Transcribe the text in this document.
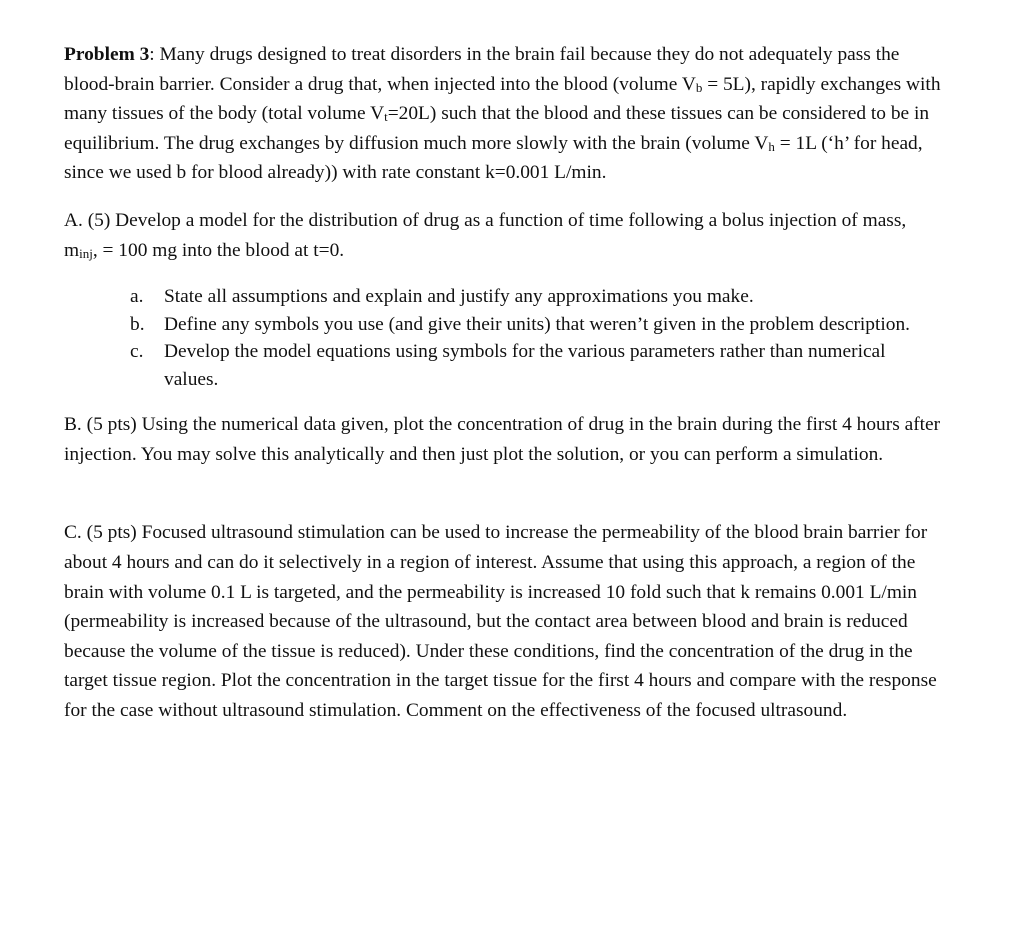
Problem 3: Many drugs designed to treat disorders in the brain fail because they do not adequately pass the blood-brain barrier. Consider a drug that, when injected into the blood (volume $V_b = 5L$), rapidly exchanges with many tissues of the body (total volume $V_t=20L$) such that the blood and these tissues can be considered to be in equilibrium. The drug exchanges by diffusion much more slowly with the brain (volume $V_h = 1L$ (‘h’ for head, since we used b for blood already)) with rate constant k=0.001 L/min.

A. (5) Develop a model for the distribution of drug as a function of time following a bolus injection of mass, $m_{inj}$, = 100 mg into the blood at t=0.

a. State all assumptions and explain and justify any approximations you make.
b. Define any symbols you use (and give their units) that weren’t given in the problem description.
c. Develop the model equations using symbols for the various parameters rather than numerical values.

B. (5 pts) Using the numerical data given, plot the concentration of drug in the brain during the first 4 hours after injection. You may solve this analytically and then just plot the solution, or you can perform a simulation.

C. (5 pts) Focused ultrasound stimulation can be used to increase the permeability of the blood brain barrier for about 4 hours and can do it selectively in a region of interest. Assume that using this approach, a region of the brain with volume 0.1 L is targeted, and the permeability is increased 10 fold such that k remains 0.001 L/min (permeability is increased because of the ultrasound, but the contact area between blood and brain is reduced because the volume of the tissue is reduced). Under these conditions, find the concentration of the drug in the target tissue region. Plot the concentration in the target tissue for the first 4 hours and compare with the response for the case without ultrasound stimulation. Comment on the effectiveness of the focused ultrasound.
